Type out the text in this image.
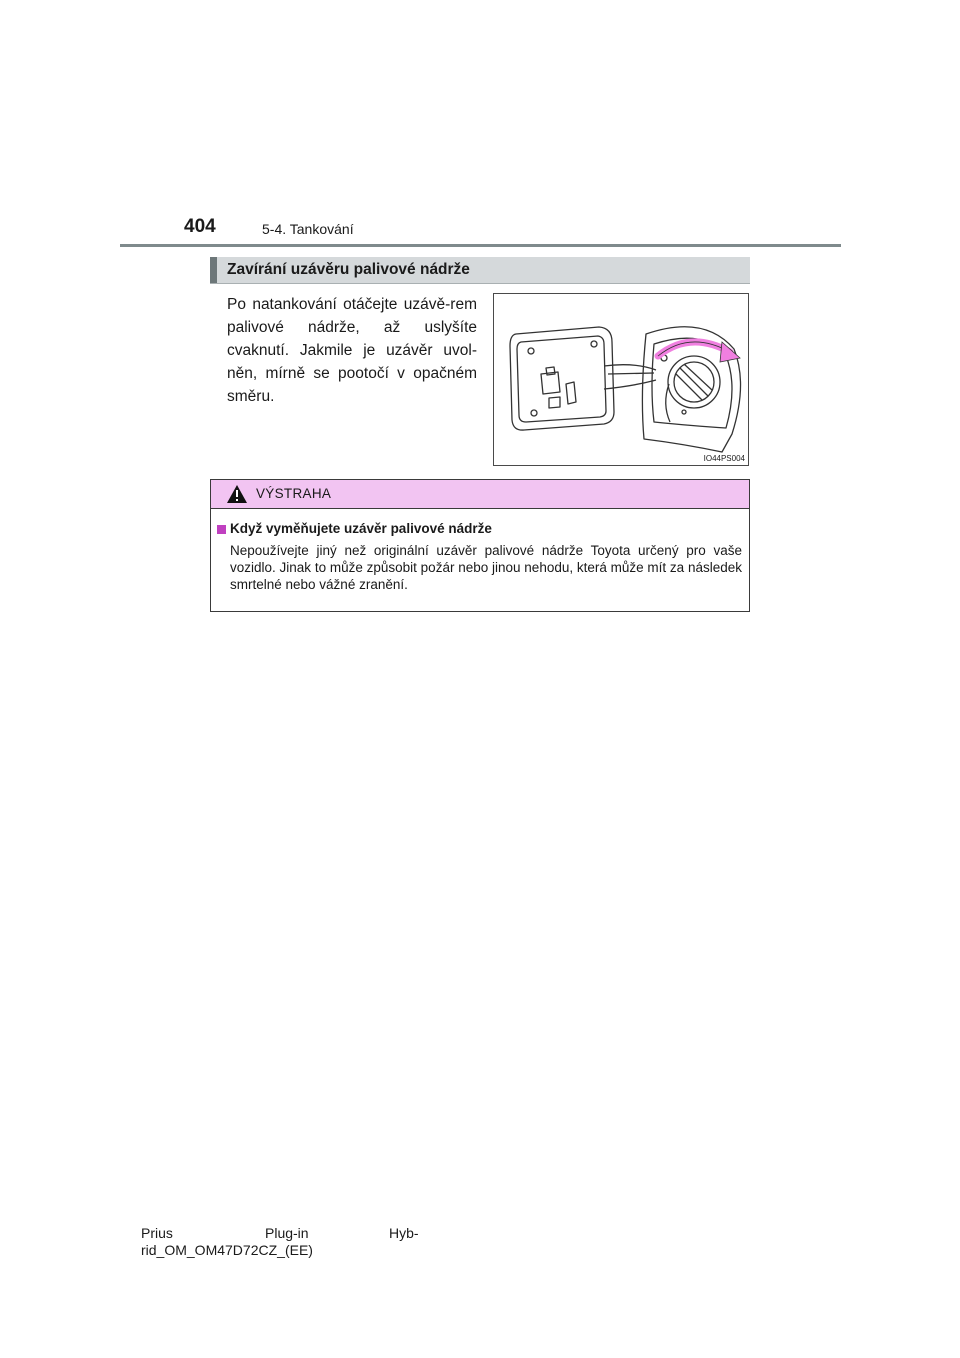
404	5-4. Tankování
Zavírání uzávěru palivové nádrže

Po natankování otáčejte uzávě-rem palivové nádrže, až uslyšíte cvaknutí. Jakmile je uzávěr uvol-něn, mírně se pootočí v opačném směru.

IO44PS004
VÝSTRAHA
Když vyměňujete uzávěr palivové nádrže

Nepoužívejte jiný než originální uzávěr palivové nádrže Toyota určený pro vaše vozidlo. Jinak to může způsobit požár nebo jinou nehodu, která může mít za následek smrtelné nebo vážné zranění.

Prius	Plug-in	Hyb-
rid_OM_OM47D72CZ_(EE)
